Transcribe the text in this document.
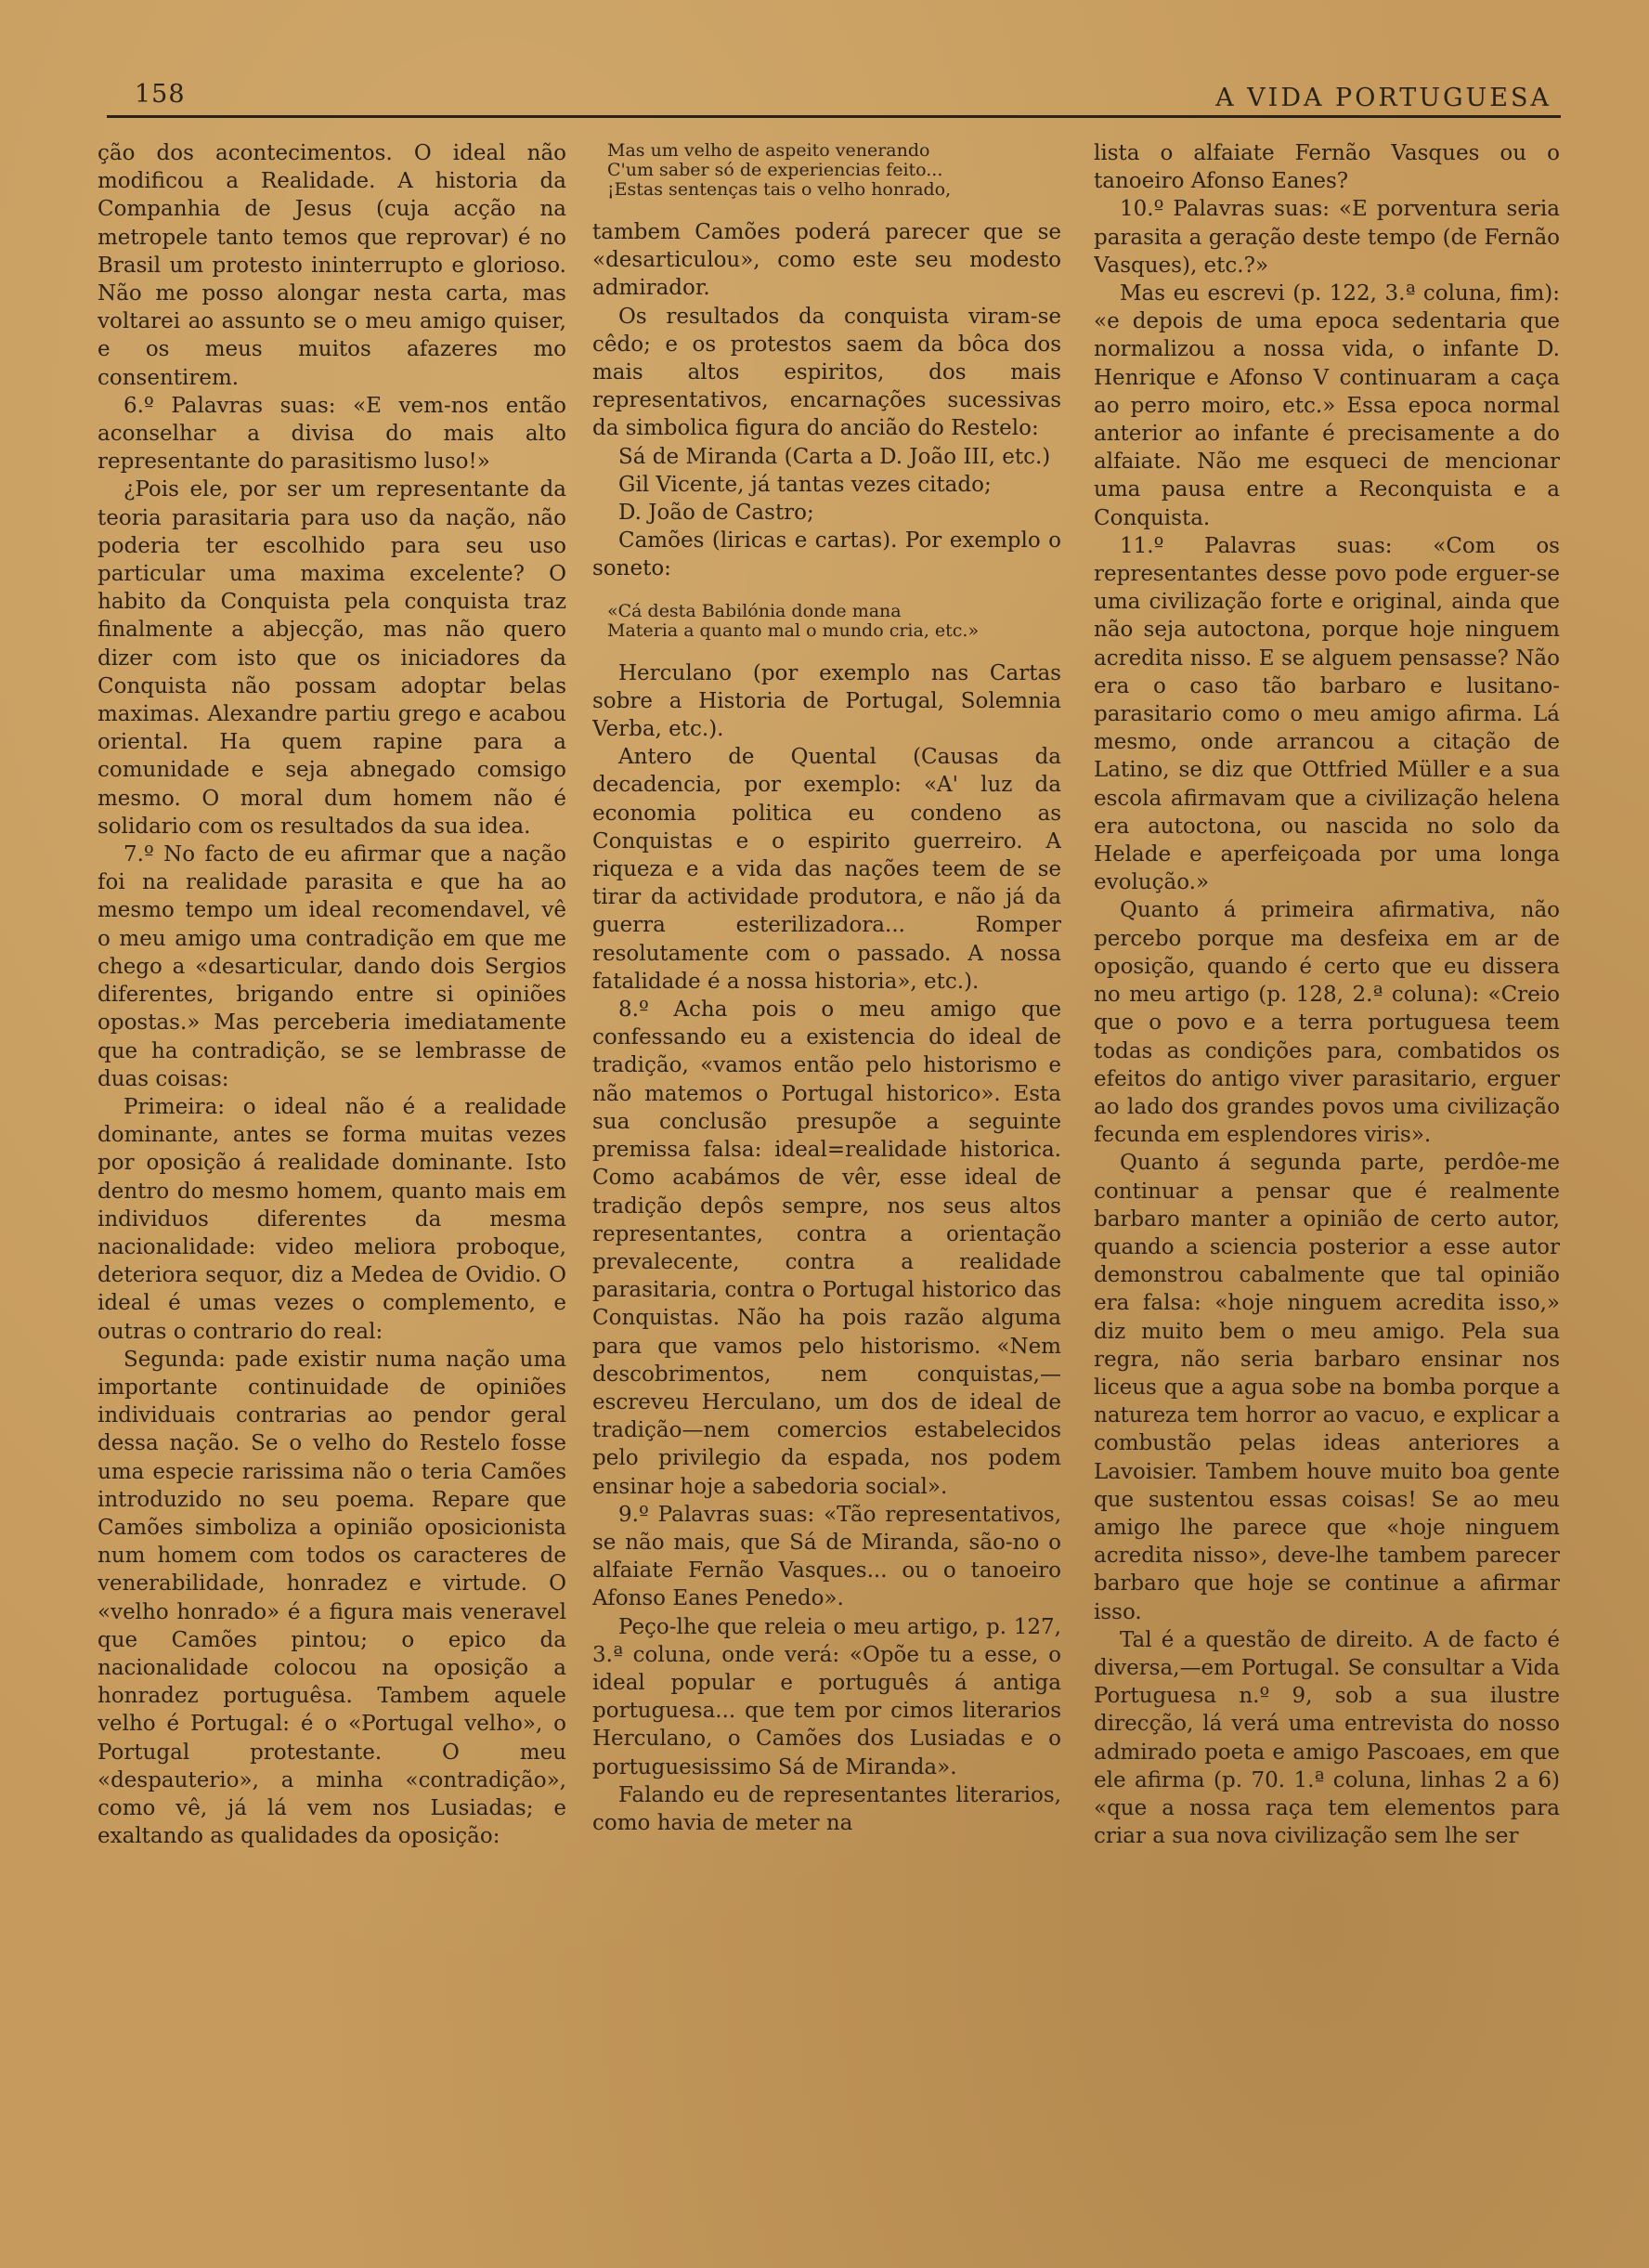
158	A VIDA PORTUGUESA

ção dos acontecimentos. O ideal não modificou a Realidade. A historia da Companhia de Jesus (cuja acção na metropele tanto temos que reprovar) é no Brasil um protesto ininterrupto e glorioso. Não me posso alongar nesta carta, mas voltarei ao assunto se o meu amigo quiser, e os meus muitos afazeres mo consentirem.

6.º Palavras suas: «E vem-nos então aconselhar a divisa do mais alto representante do parasitismo luso!»

¿Pois ele, por ser um representante da teoria parasitaria para uso da nação, não poderia ter escolhido para seu uso particular uma maxima excelente? O habito da Conquista pela conquista traz finalmente a abjecção, mas não quero dizer com isto que os iniciadores da Conquista não possam adoptar belas maximas. Alexandre partiu grego e acabou oriental. Ha quem rapine para a comunidade e seja abnegado comsigo mesmo. O moral dum homem não é solidario com os resultados da sua idea.

7.º No facto de eu afirmar que a nação foi na realidade parasita e que ha ao mesmo tempo um ideal recomendavel, vê o meu amigo uma contradição em que me chego a «desarticular, dando dois Sergios diferentes, brigando entre si opiniões opostas.» Mas perceberia imediatamente que ha contradição, se se lembrasse de duas coisas:

Primeira: o ideal não é a realidade dominante, antes se forma muitas vezes por oposição á realidade dominante. Isto dentro do mesmo homem, quanto mais em individuos diferentes da mesma nacionalidade: video meliora proboque, deteriora sequor, diz a Medea de Ovidio. O ideal é umas vezes o complemento, e outras o contrario do real:

Segunda: pade existir numa nação uma importante continuidade de opiniões individuais contrarias ao pendor geral dessa nação. Se o velho do Restelo fosse uma especie rarissima não o teria Camões introduzido no seu poema. Repare que Camões simboliza a opinião oposicionista num homem com todos os caracteres de venerabilidade, honradez e virtude. O «velho honrado» é a figura mais veneravel que Camões pintou; o epico da nacionalidade colocou na oposição a honradez portuguêsa. Tambem aquele velho é Portugal: é o «Portugal velho», o Portugal protestante. O meu «despauterio», a minha «contradição», como vê, já lá vem nos Lusiadas; e exaltando as qualidades da oposição:

Mas um velho de aspeito venerando

C'um saber só de experiencias feito...

¡Estas sentenças tais o velho honrado,

tambem Camões poderá parecer que se «desarticulou», como este seu modesto admirador.

Os resultados da conquista viram-se cêdo; e os protestos saem da bôca dos mais altos espiritos, dos mais representativos, encarnações sucessivas da simbolica figura do ancião do Restelo:

Sá de Miranda (Carta a D. João III, etc.)

Gil Vicente, já tantas vezes citado;

D. João de Castro;

Camões (liricas e cartas). Por exemplo o soneto:

«Cá desta Babilónia donde mana

Materia a quanto mal o mundo cria, etc.»

Herculano (por exemplo nas Cartas sobre a Historia de Portugal, Solemnia Verba, etc.).

Antero de Quental (Causas da decadencia, por exemplo: «A' luz da economia politica eu condeno as Conquistas e o espirito guerreiro. A riqueza e a vida das nações teem de se tirar da actividade produtora, e não já da guerra esterilizadora... Romper resolutamente com o passado. A nossa fatalidade é a nossa historia», etc.).

8.º Acha pois o meu amigo que confessando eu a existencia do ideal de tradição, «vamos então pelo historismo e não matemos o Portugal historico». Esta sua conclusão presupõe a seguinte premissa falsa: ideal=realidade historica. Como acabámos de vêr, esse ideal de tradição depôs sempre, nos seus altos representantes, contra a orientação prevalecente, contra a realidade parasitaria, contra o Portugal historico das Conquistas. Não ha pois razão alguma para que vamos pelo historismo. «Nem descobrimentos, nem conquistas,—escreveu Herculano, um dos de ideal de tradição—nem comercios estabelecidos pelo privilegio da espada, nos podem ensinar hoje a sabedoria social».

9.º Palavras suas: «Tão representativos, se não mais, que Sá de Miranda, são-no o alfaiate Fernão Vasques... ou o tanoeiro Afonso Eanes Penedo».

Peço-lhe que releia o meu artigo, p. 127, 3.ª coluna, onde verá: «Opõe tu a esse, o ideal popular e português á antiga portuguesa... que tem por cimos literarios Herculano, o Camões dos Lusiadas e o portuguesissimo Sá de Miranda».

Falando eu de representantes literarios, como havia de meter na

lista o alfaiate Fernão Vasques ou o tanoeiro Afonso Eanes?

10.º Palavras suas: «E porventura seria parasita a geração deste tempo (de Fernão Vasques), etc.?»

Mas eu escrevi (p. 122, 3.ª coluna, fim): «e depois de uma epoca sedentaria que normalizou a nossa vida, o infante D. Henrique e Afonso V continuaram a caça ao perro moiro, etc.» Essa epoca normal anterior ao infante é precisamente a do alfaiate. Não me esqueci de mencionar uma pausa entre a Reconquista e a Conquista.

11.º Palavras suas: «Com os representantes desse povo pode erguer-se uma civilização forte e original, ainda que não seja autoctona, porque hoje ninguem acredita nisso. E se alguem pensasse? Não era o caso tão barbaro e lusitano-parasitario como o meu amigo afirma. Lá mesmo, onde arrancou a citação de Latino, se diz que Ottfried Müller e a sua escola afirmavam que a civilização helena era autoctona, ou nascida no solo da Helade e aperfeiçoada por uma longa evolução.»

Quanto á primeira afirmativa, não percebo porque ma desfeixa em ar de oposição, quando é certo que eu dissera no meu artigo (p. 128, 2.ª coluna): «Creio que o povo e a terra portuguesa teem todas as condições para, combatidos os efeitos do antigo viver parasitario, erguer ao lado dos grandes povos uma civilização fecunda em esplendores viris».

Quanto á segunda parte, perdôe-me continuar a pensar que é realmente barbaro manter a opinião de certo autor, quando a sciencia posterior a esse autor demonstrou cabalmente que tal opinião era falsa: «hoje ninguem acredita isso,» diz muito bem o meu amigo. Pela sua regra, não seria barbaro ensinar nos liceus que a agua sobe na bomba porque a natureza tem horror ao vacuo, e explicar a combustão pelas ideas anteriores a Lavoisier. Tambem houve muito boa gente que sustentou essas coisas! Se ao meu amigo lhe parece que «hoje ninguem acredita nisso», deve-lhe tambem parecer barbaro que hoje se continue a afirmar isso.

Tal é a questão de direito. A de facto é diversa,—em Portugal. Se consultar a Vida Portuguesa n.º 9, sob a sua ilustre direcção, lá verá uma entrevista do nosso admirado poeta e amigo Pascoaes, em que ele afirma (p. 70. 1.ª coluna, linhas 2 a 6) «que a nossa raça tem elementos para criar a sua nova civilização sem lhe ser
